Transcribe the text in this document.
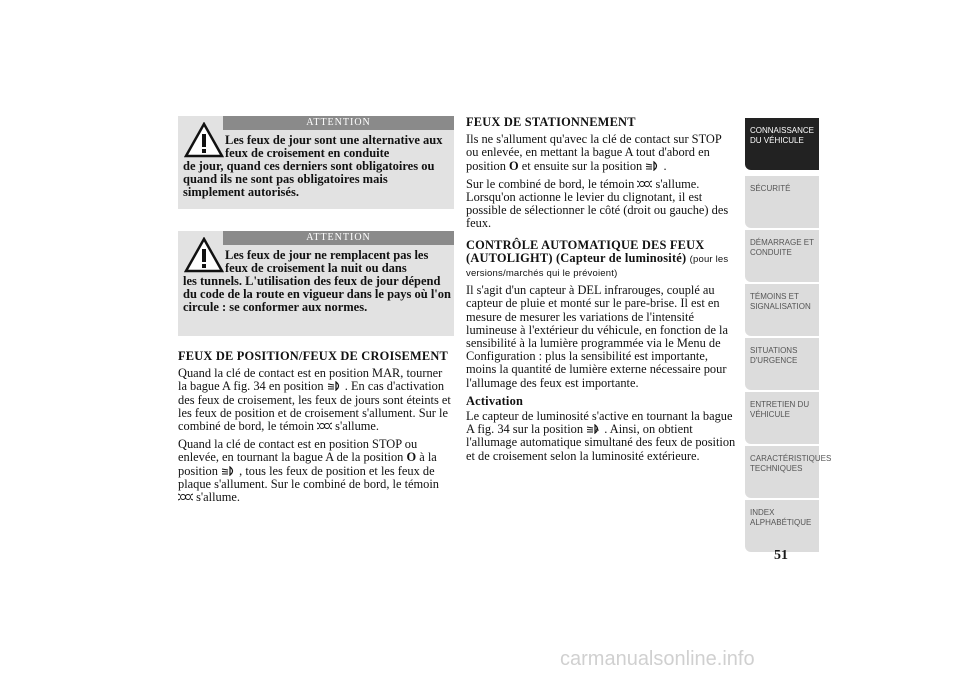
ATTENTION

Les feux de jour sont une alternative aux feux de croisement en conduite

de jour, quand ces derniers sont obligatoires ou quand ils ne sont pas obligatoires mais simplement autorisés.

ATTENTION

Les feux de jour ne remplacent pas les feux de croisement la nuit ou dans

les tunnels. L'utilisation des feux de jour dépend du code de la route en vigueur dans le pays où l'on circule : se conformer aux normes.

FEUX DE POSITION/FEUX DE CROISEMENT

Quand la clé de contact est en position MAR, tourner la bague A fig. 34 en position . En cas d'activation des feux de croisement, les feux de jours sont éteints et les feux de position et de croisement s'allument. Sur le combiné de bord, le témoin s'allume.

Quand la clé de contact est en position STOP ou enlevée, en tournant la bague A de la position O à la position , tous les feux de position et les feux de plaque s'allument. Sur le combiné de bord, le témoin  s'allume.

FEUX DE STATIONNEMENT

Ils ne s'allument qu'avec la clé de contact sur STOP ou enlevée, en mettant la bague A tout d'abord en position O et ensuite sur la position .

Sur le combiné de bord, le témoin s'allume. Lorsqu'on actionne le levier du clignotant, il est possible de sélectionner le côté (droit ou gauche) des feux.

CONTRÔLE AUTOMATIQUE DES FEUX (AUTOLIGHT) (Capteur de luminosité) (pour les versions/marchés qui le prévoient)

Il s'agit d'un capteur à DEL infrarouges, couplé au capteur de pluie et monté sur le pare-brise. Il est en mesure de mesurer les variations de l'intensité lumineuse à l'extérieur du véhicule, en fonction de la sensibilité à la lumière programmée via le Menu de Configuration : plus la sensibilité est importante, moins la quantité de lumière externe nécessaire pour l'allumage des feux est importante.

Activation

Le capteur de luminosité s'active en tournant la bague A fig. 34 sur la position	A . Ainsi, on obtient l'allumage automatique simultané des feux de position et de croisement selon la luminosité extérieure.

CONNAISSANCE DU VÉHICULE
SÉCURITÉ
DÉMARRAGE ET CONDUITE
TÉMOINS ET SIGNALISATION
SITUATIONS D'URGENCE
ENTRETIEN DU VÉHICULE
CARACTÉRISTIQUES TECHNIQUES
INDEX ALPHABÉTIQUE
51
carmanualsonline.info
